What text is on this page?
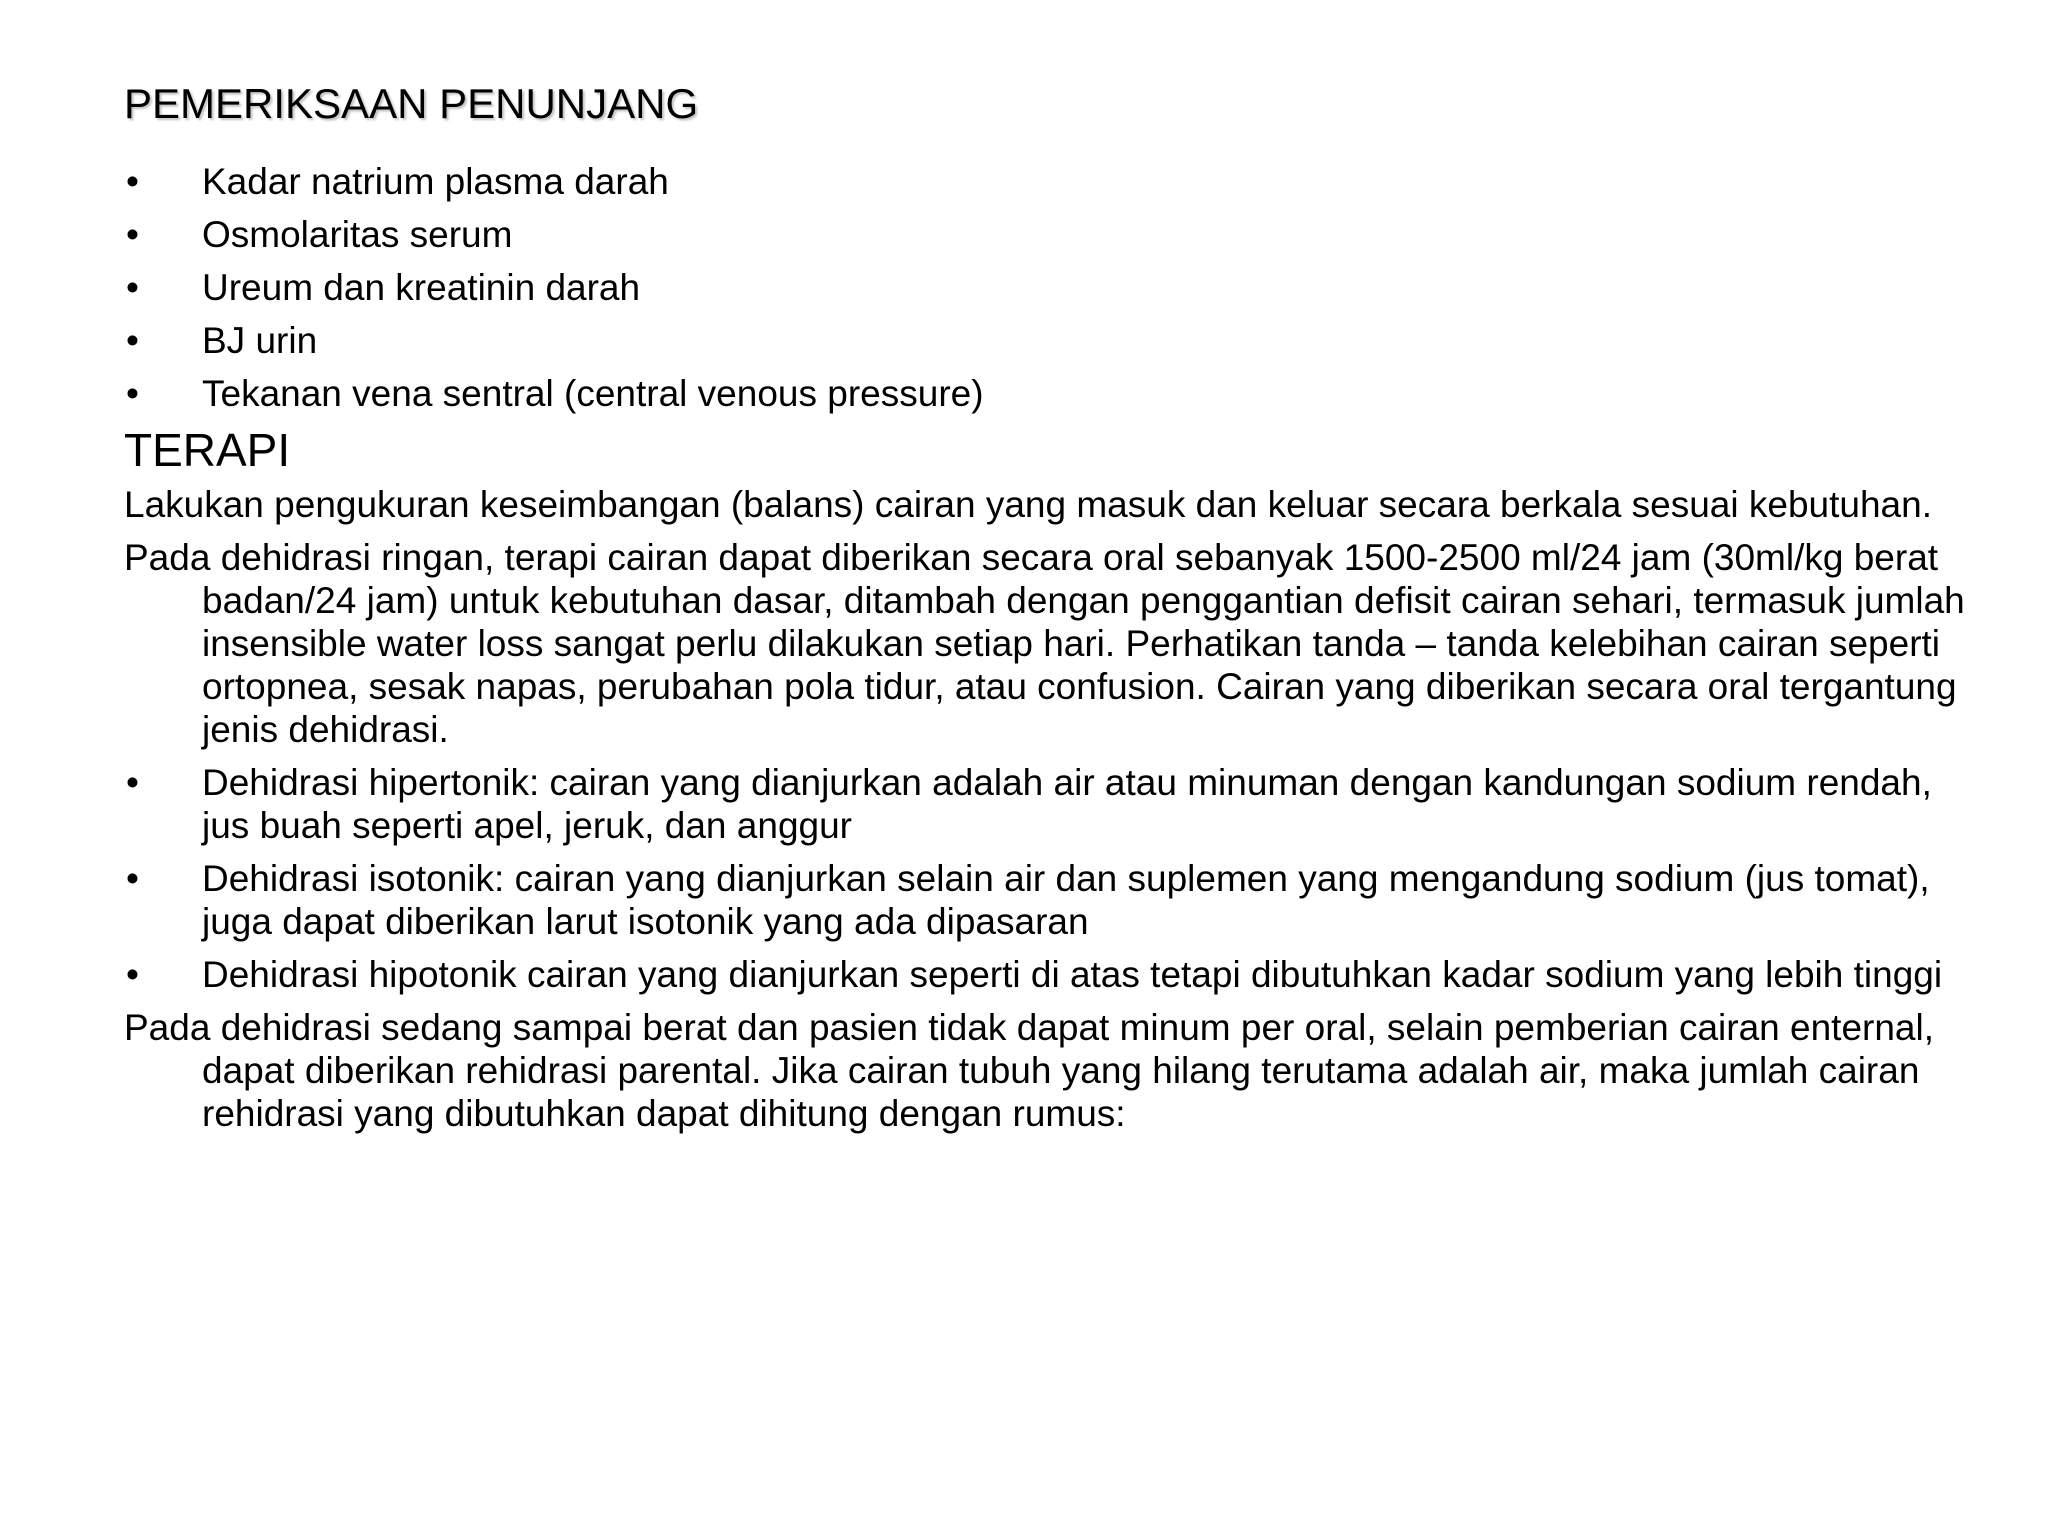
PEMERIKSAAN PENUNJANG
• Kadar natrium plasma darah
• Osmolaritas serum
• Ureum dan kreatinin darah
• BJ urin
• Tekanan vena sentral (central venous pressure)
TERAPI
Lakukan pengukuran keseimbangan (balans) cairan yang masuk dan keluar secara berkala sesuai kebutuhan.
Pada dehidrasi ringan, terapi cairan dapat diberikan secara oral sebanyak 1500-2500 ml/24 jam (30ml/kg berat badan/24 jam) untuk kebutuhan dasar, ditambah dengan penggantian defisit cairan sehari, termasuk jumlah insensible water loss sangat perlu dilakukan setiap hari. Perhatikan tanda – tanda kelebihan cairan seperti ortopnea, sesak napas, perubahan pola tidur, atau confusion. Cairan yang diberikan secara oral tergantung jenis dehidrasi.
• Dehidrasi hipertonik: cairan yang dianjurkan adalah air atau minuman dengan kandungan sodium rendah, jus buah seperti apel, jeruk, dan anggur
• Dehidrasi isotonik: cairan yang dianjurkan selain air dan suplemen yang mengandung sodium (jus tomat), juga dapat diberikan larut isotonik yang ada dipasaran
• Dehidrasi hipotonik cairan yang dianjurkan seperti di atas tetapi dibutuhkan kadar sodium yang lebih tinggi
Pada dehidrasi sedang sampai berat dan pasien tidak dapat minum per oral, selain pemberian cairan enternal, dapat diberikan rehidrasi parental. Jika cairan tubuh yang hilang terutama adalah air, maka jumlah cairan rehidrasi yang dibutuhkan dapat dihitung dengan rumus:
